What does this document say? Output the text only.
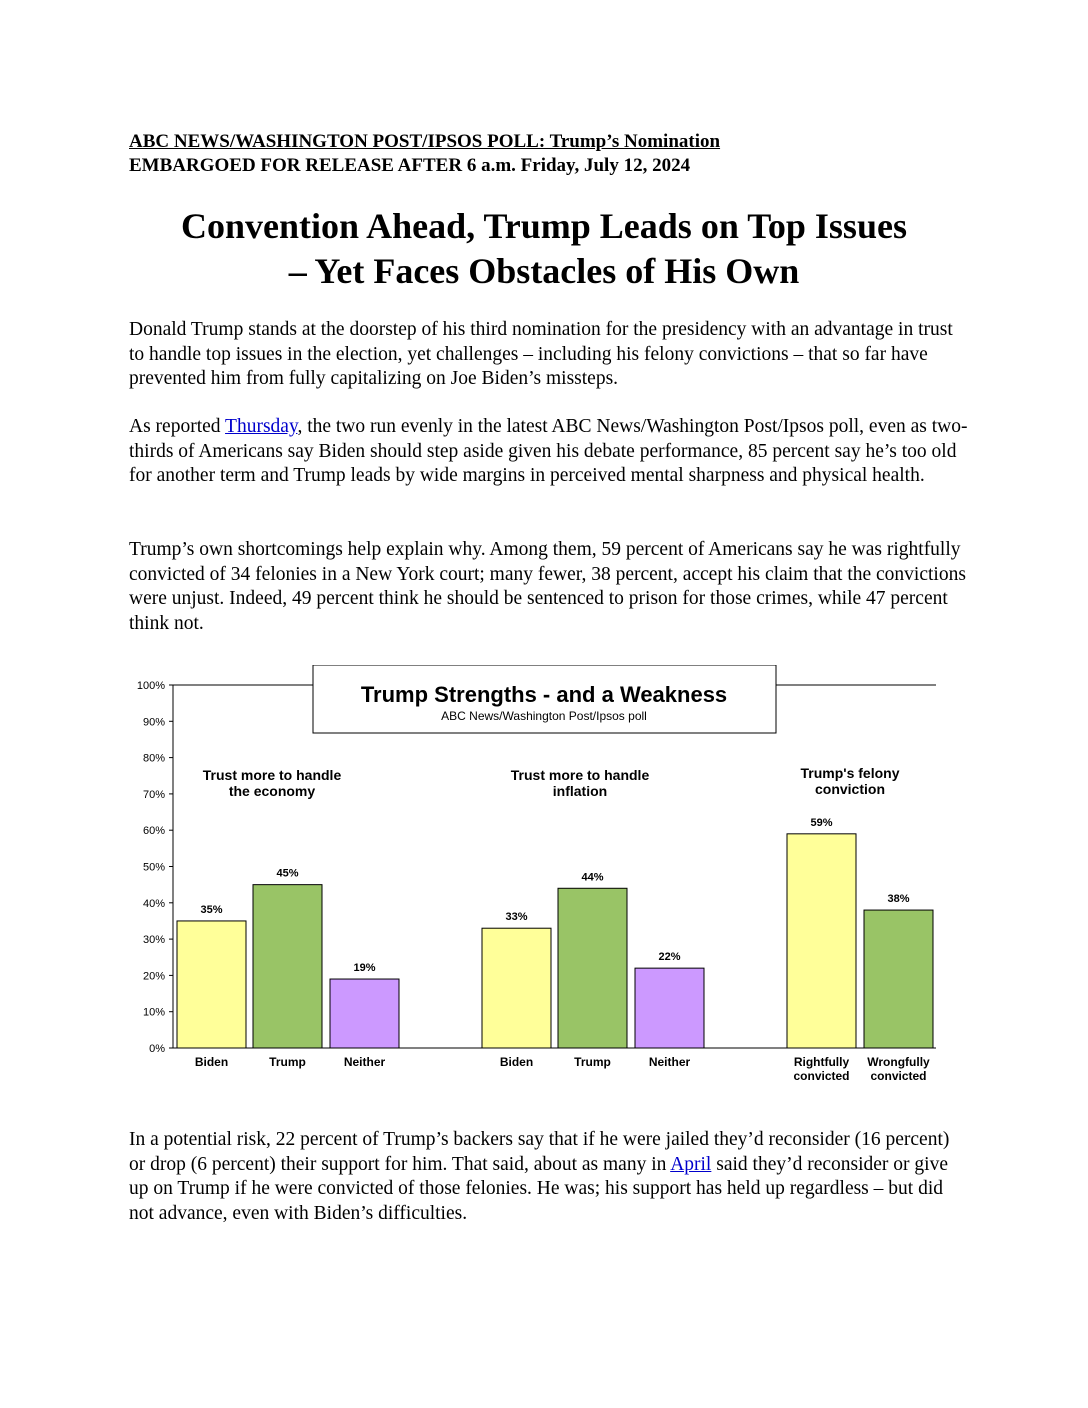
ABC NEWS/WASHINGTON POST/IPSOS POLL: Trump’s Nomination
EMBARGOED FOR RELEASE AFTER 6 a.m. Friday, July 12, 2024
Convention Ahead, Trump Leads on Top Issues
– Yet Faces Obstacles of His Own

Donald Trump stands at the doorstep of his third nomination for the presidency with an advantage in trust to handle top issues in the election, yet challenges – including his felony convictions – that so far have prevented him from fully capitalizing on Joe Biden’s missteps.

As reported Thursday, the two run evenly in the latest ABC News/Washington Post/Ipsos poll, even as two-thirds of Americans say Biden should step aside given his debate performance, 85 percent say he’s too old for another term and Trump leads by wide margins in perceived mental sharpness and physical health.

Trump’s own shortcomings help explain why. Among them, 59 percent of Americans say he was rightfully convicted of 34 felonies in a New York court; many fewer, 38 percent, accept his claim that the convictions were unjust. Indeed, 49 percent think he should be sentenced to prison for those crimes, while 47 percent think not.

0%
10%
20%
30%
40%
50%
60%
70%
80%
90%
100%
Trust more to handle
the economy
35%
Biden
45%
Trump
19%
Neither
Trust more to handle
inflation
33%
Biden
44%
Trump
22%
Neither
Trump's felony
conviction
59%
Rightfully
convicted
38%
Wrongfully
convicted
Trump Strengths - and a Weakness
ABC News/Washington Post/Ipsos poll

In a potential risk, 22 percent of Trump’s backers say that if he were jailed they’d reconsider (16 percent) or drop (6 percent) their support for him. That said, about as many in April said they’d reconsider or give up on Trump if he were convicted of those felonies. He was; his support has held up regardless – but did not advance, even with Biden’s difficulties.
